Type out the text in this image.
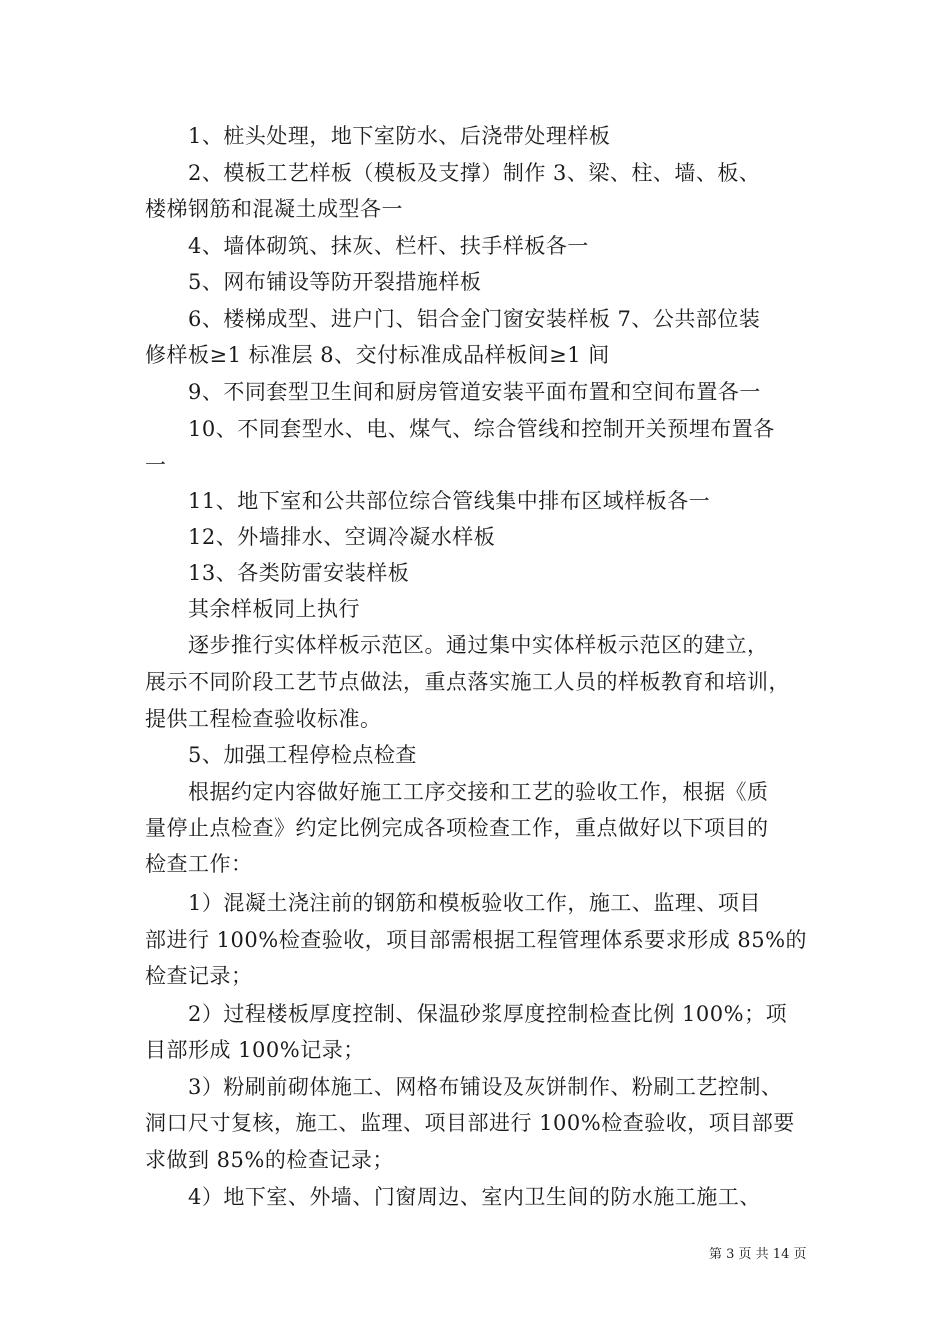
　　1、桩头处理，地下室防水、后浇带处理样板
　　2、模板工艺样板（模板及支撑）制作 3、梁、柱、墙、板、
楼梯钢筋和混凝土成型各一
　　4、墙体砌筑、抹灰、栏杆、扶手样板各一
　　5、网布铺设等防开裂措施样板
　　6、楼梯成型、进户门、铝合金门窗安装样板 7、公共部位装
修样板≥1 标准层 8、交付标准成品样板间≥1 间
　　9、不同套型卫生间和厨房管道安装平面布置和空间布置各一
　　10、不同套型水、电、煤气、综合管线和控制开关预埋布置各
一
　　11、地下室和公共部位综合管线集中排布区域样板各一
　　12、外墙排水、空调冷凝水样板
　　13、各类防雷安装样板
　　其余样板同上执行
　　逐步推行实体样板示范区。通过集中实体样板示范区的建立，
展示不同阶段工艺节点做法，重点落实施工人员的样板教育和培训，
提供工程检查验收标准。
　　5、加强工程停检点检查
　　根据约定内容做好施工工序交接和工艺的验收工作，根据《质
量停止点检查》约定比例完成各项检查工作，重点做好以下项目的
检查工作：
　　1）混凝土浇注前的钢筋和模板验收工作，施工、监理、项目
部进行 100%检查验收，项目部需根据工程管理体系要求形成 85%的
检查记录；
　　2）过程楼板厚度控制、保温砂浆厚度控制检查比例 100%；项
目部形成 100%记录；
　　3）粉刷前砌体施工、网格布铺设及灰饼制作、粉刷工艺控制、
洞口尺寸复核，施工、监理、项目部进行 100%检查验收，项目部要
求做到 85%的检查记录；
　　4）地下室、外墙、门窗周边、室内卫生间的防水施工施工、
第 3 页 共 14 页
